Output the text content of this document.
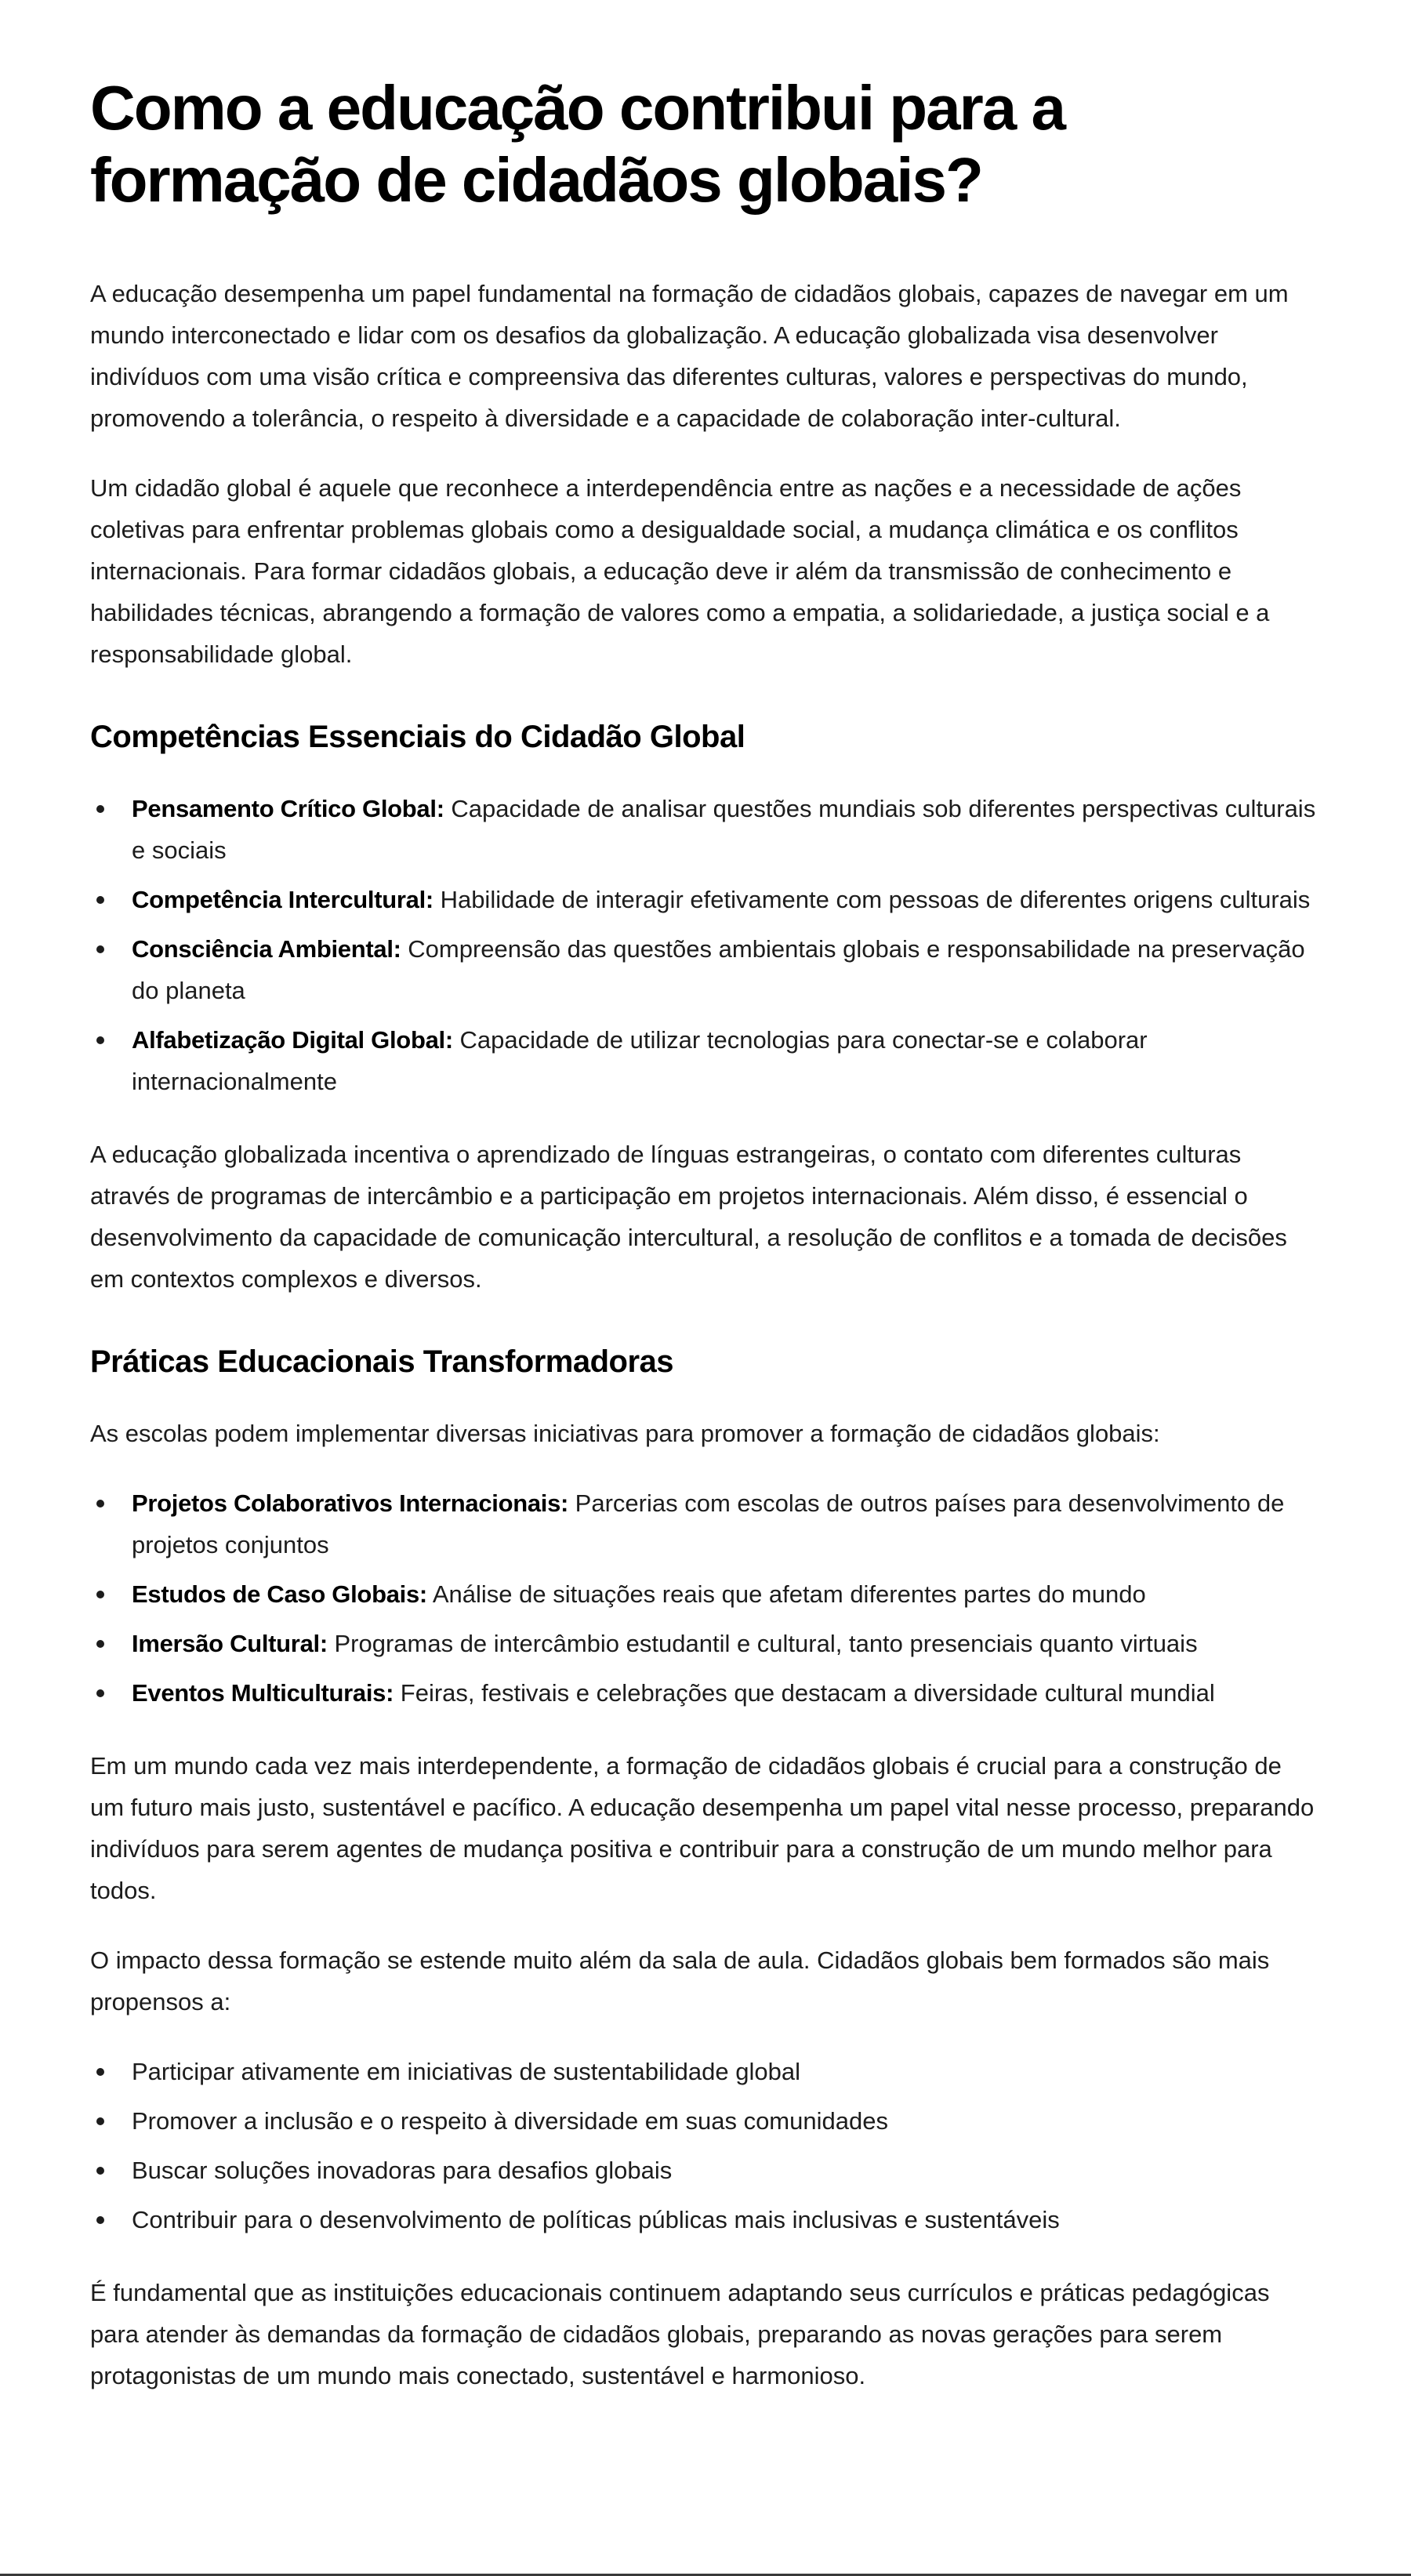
Como a educação contribui para a formação de cidadãos globais?

A educação desempenha um papel fundamental na formação de cidadãos globais, capazes de navegar em um mundo interconectado e lidar com os desafios da globalização. A educação globalizada visa desenvolver indivíduos com uma visão crítica e compreensiva das diferentes culturas, valores e perspectivas do mundo, promovendo a tolerância, o respeito à diversidade e a capacidade de colaboração inter-cultural.

Um cidadão global é aquele que reconhece a interdependência entre as nações e a necessidade de ações coletivas para enfrentar problemas globais como a desigualdade social, a mudança climática e os conflitos internacionais. Para formar cidadãos globais, a educação deve ir além da transmissão de conhecimento e habilidades técnicas, abrangendo a formação de valores como a empatia, a solidariedade, a justiça social e a responsabilidade global.

Competências Essenciais do Cidadão Global
Pensamento Crítico Global: Capacidade de analisar questões mundiais sob diferentes perspectivas culturais e sociais
Competência Intercultural: Habilidade de interagir efetivamente com pessoas de diferentes origens culturais
Consciência Ambiental: Compreensão das questões ambientais globais e responsabilidade na preservação do planeta
Alfabetização Digital Global: Capacidade de utilizar tecnologias para conectar-se e colaborar internacionalmente

A educação globalizada incentiva o aprendizado de línguas estrangeiras, o contato com diferentes culturas através de programas de intercâmbio e a participação em projetos internacionais. Além disso, é essencial o desenvolvimento da capacidade de comunicação intercultural, a resolução de conflitos e a tomada de decisões em contextos complexos e diversos.

Práticas Educacionais Transformadoras

As escolas podem implementar diversas iniciativas para promover a formação de cidadãos globais:

Projetos Colaborativos Internacionais: Parcerias com escolas de outros países para desenvolvimento de projetos conjuntos
Estudos de Caso Globais: Análise de situações reais que afetam diferentes partes do mundo
Imersão Cultural: Programas de intercâmbio estudantil e cultural, tanto presenciais quanto virtuais
Eventos Multiculturais: Feiras, festivais e celebrações que destacam a diversidade cultural mundial

Em um mundo cada vez mais interdependente, a formação de cidadãos globais é crucial para a construção de um futuro mais justo, sustentável e pacífico. A educação desempenha um papel vital nesse processo, preparando indivíduos para serem agentes de mudança positiva e contribuir para a construção de um mundo melhor para todos.

O impacto dessa formação se estende muito além da sala de aula. Cidadãos globais bem formados são mais propensos a:

Participar ativamente em iniciativas de sustentabilidade global
Promover a inclusão e o respeito à diversidade em suas comunidades
Buscar soluções inovadoras para desafios globais
Contribuir para o desenvolvimento de políticas públicas mais inclusivas e sustentáveis

É fundamental que as instituições educacionais continuem adaptando seus currículos e práticas pedagógicas para atender às demandas da formação de cidadãos globais, preparando as novas gerações para serem protagonistas de um mundo mais conectado, sustentável e harmonioso.
